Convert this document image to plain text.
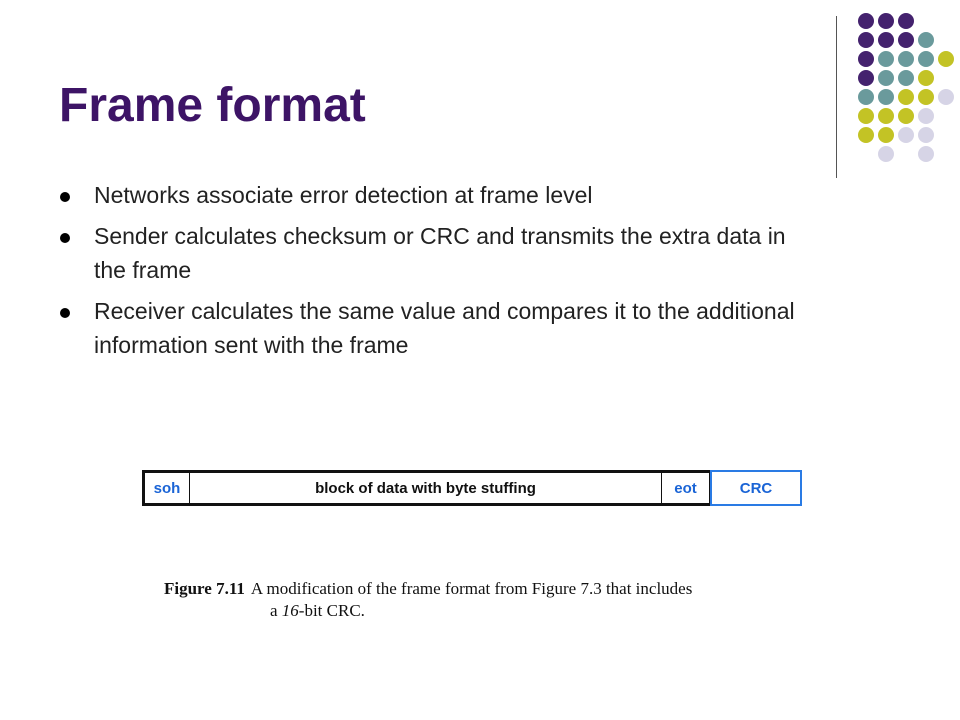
Frame format
Networks associate error detection at frame level
Sender calculates checksum or CRC and transmits the extra data in the frame
Receiver calculates the same value and compares it to the additional information sent with the frame
soh	block of data with byte stuffing	eot	CRC
Figure 7.11 A modification of the frame format from Figure 7.3 that includes
a 16-bit CRC.
